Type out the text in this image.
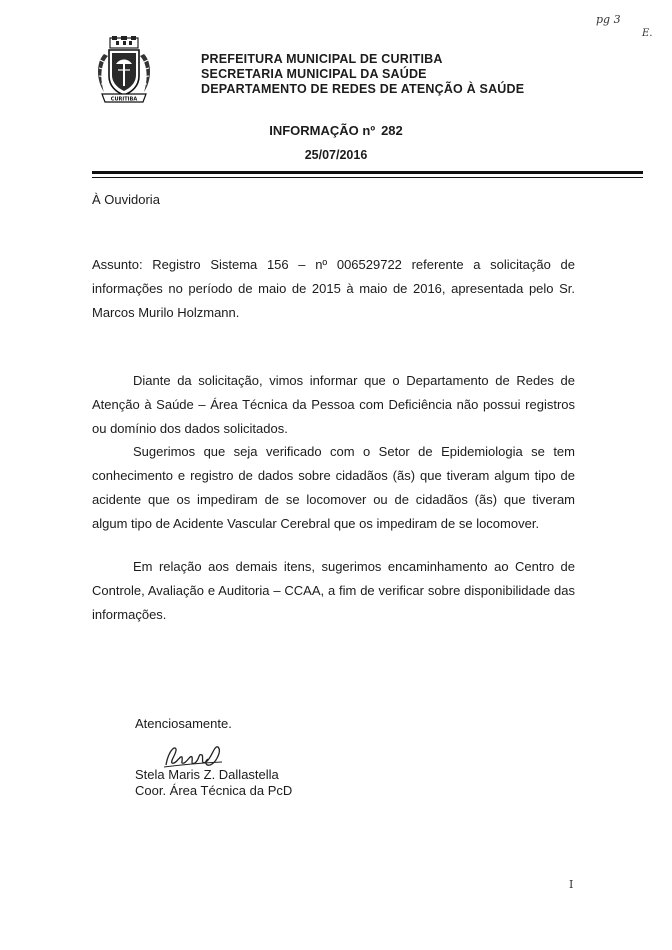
CURITIBA
PREFEITURA MUNICIPAL DE CURITIBA
SECRETARIA MUNICIPAL DA SAÚDE
DEPARTAMENTO DE REDES DE ATENÇÃO À SAÚDE
pg 3
E.
INFORMAÇÃO nº 282
25/07/2016
À Ouvidoria
Assunto: Registro Sistema 156 – nº 006529722 referente a solicitação de informações no período de maio de 2015 à maio de 2016, apresentada pelo Sr. Marcos Murilo Holzmann.
Diante da solicitação, vimos informar que o Departamento de Redes de Atenção à Saúde – Área Técnica da Pessoa com Deficiência não possui registros ou domínio dos dados solicitados.
Sugerimos que seja verificado com o Setor de Epidemiologia se tem conhecimento e registro de dados sobre cidadãos (ãs) que tiveram algum tipo de acidente que os impediram de se locomover ou de cidadãos (ãs) que tiveram algum tipo de Acidente Vascular Cerebral que os impediram de se locomover.
Em relação aos demais itens, sugerimos encaminhamento ao Centro de Controle, Avaliação e Auditoria – CCAA, a fim de verificar sobre disponibilidade das informações.
Atenciosamente.
Stela Maris Z. Dallastella
Coor. Área Técnica da PcD
I
